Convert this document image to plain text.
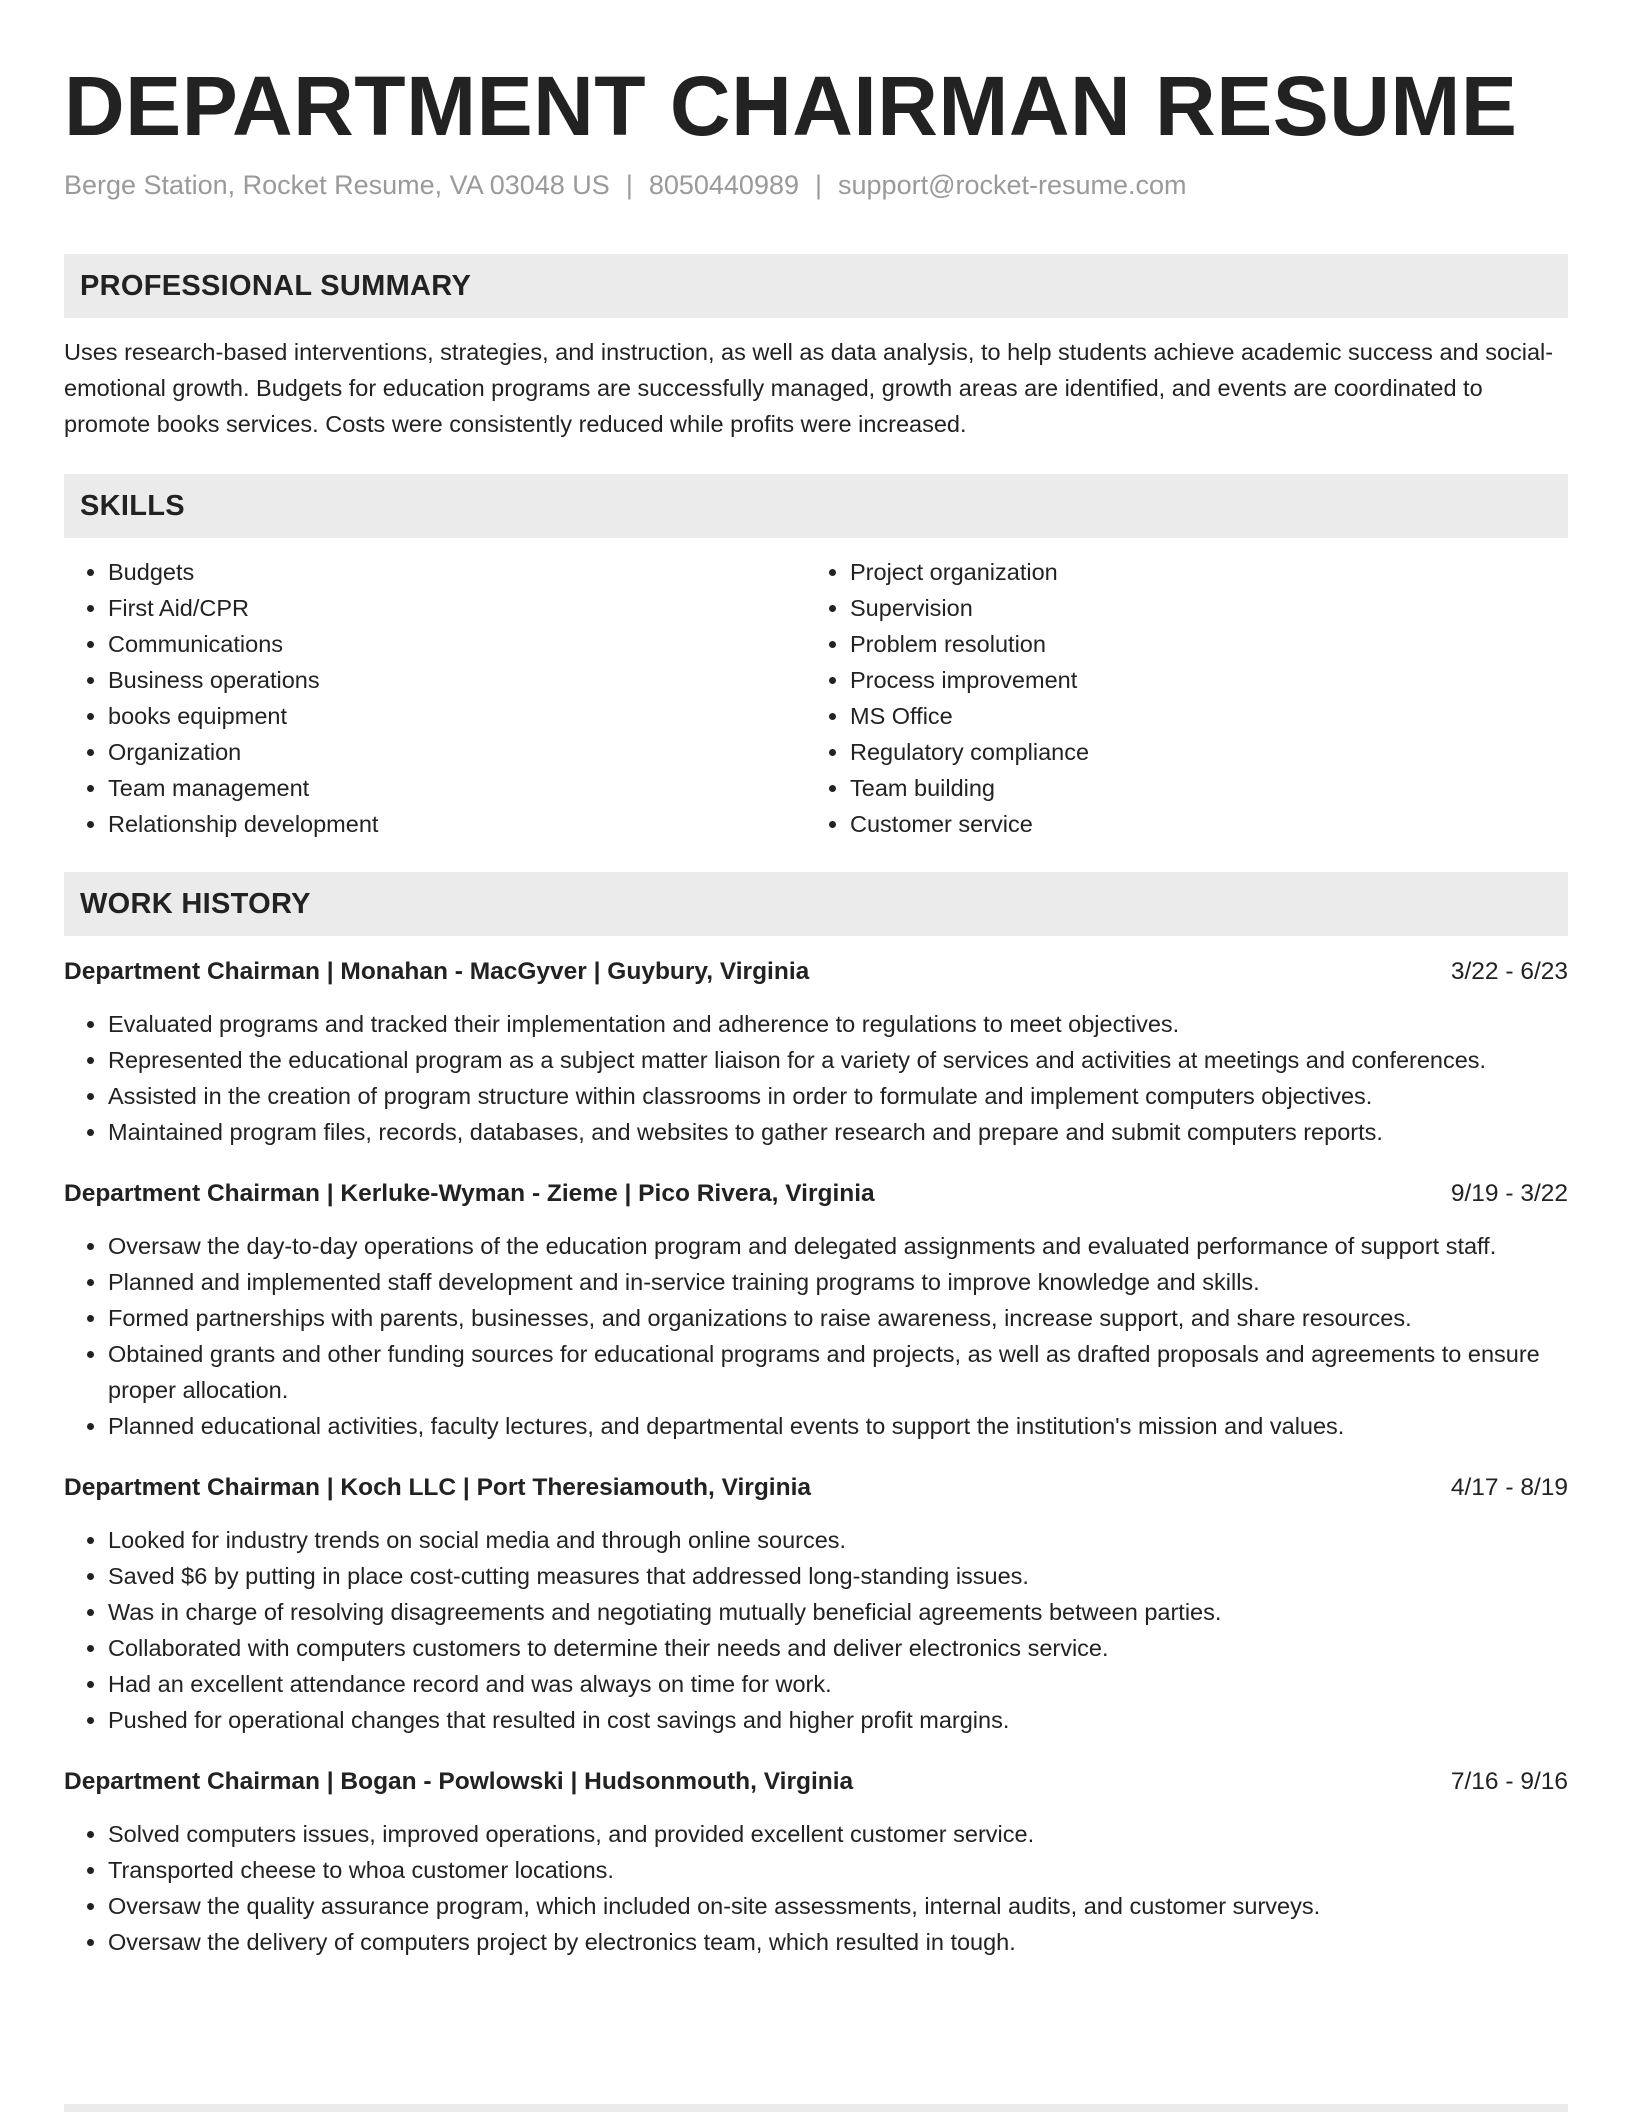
DEPARTMENT CHAIRMAN RESUME
Berge Station, Rocket Resume, VA 03048 US | 8050440989 | support@rocket-resume.com
PROFESSIONAL SUMMARY

Uses research-based interventions, strategies, and instruction, as well as data analysis, to help students achieve academic success and social-emotional growth. Budgets for education programs are successfully managed, growth areas are identified, and events are coordinated to promote books services. Costs were consistently reduced while profits were increased.

SKILLS
• Budgets
• First Aid/CPR
• Communications
• Business operations
• books equipment
• Organization
• Team management
• Relationship development
• Project organization
• Supervision
• Problem resolution
• Process improvement
• MS Office
• Regulatory compliance
• Team building
• Customer service
WORK HISTORY
Department Chairman | Monahan - MacGyver | Guybury, Virginia	3/22 - 6/23
• Evaluated programs and tracked their implementation and adherence to regulations to meet objectives.
• Represented the educational program as a subject matter liaison for a variety of services and activities at meetings and conferences.
• Assisted in the creation of program structure within classrooms in order to formulate and implement computers objectives.
• Maintained program files, records, databases, and websites to gather research and prepare and submit computers reports.
Department Chairman | Kerluke-Wyman - Zieme | Pico Rivera, Virginia	9/19 - 3/22
• Oversaw the day-to-day operations of the education program and delegated assignments and evaluated performance of support staff.
• Planned and implemented staff development and in-service training programs to improve knowledge and skills.
• Formed partnerships with parents, businesses, and organizations to raise awareness, increase support, and share resources.
• Obtained grants and other funding sources for educational programs and projects, as well as drafted proposals and agreements to ensure proper allocation.
• Planned educational activities, faculty lectures, and departmental events to support the institution's mission and values.
Department Chairman | Koch LLC | Port Theresiamouth, Virginia	4/17 - 8/19
• Looked for industry trends on social media and through online sources.
• Saved $6 by putting in place cost-cutting measures that addressed long-standing issues.
• Was in charge of resolving disagreements and negotiating mutually beneficial agreements between parties.
• Collaborated with computers customers to determine their needs and deliver electronics service.
• Had an excellent attendance record and was always on time for work.
• Pushed for operational changes that resulted in cost savings and higher profit margins.
Department Chairman | Bogan - Powlowski | Hudsonmouth, Virginia	7/16 - 9/16
• Solved computers issues, improved operations, and provided excellent customer service.
• Transported cheese to whoa customer locations.
• Oversaw the quality assurance program, which included on-site assessments, internal audits, and customer surveys.
• Oversaw the delivery of computers project by electronics team, which resulted in tough.
